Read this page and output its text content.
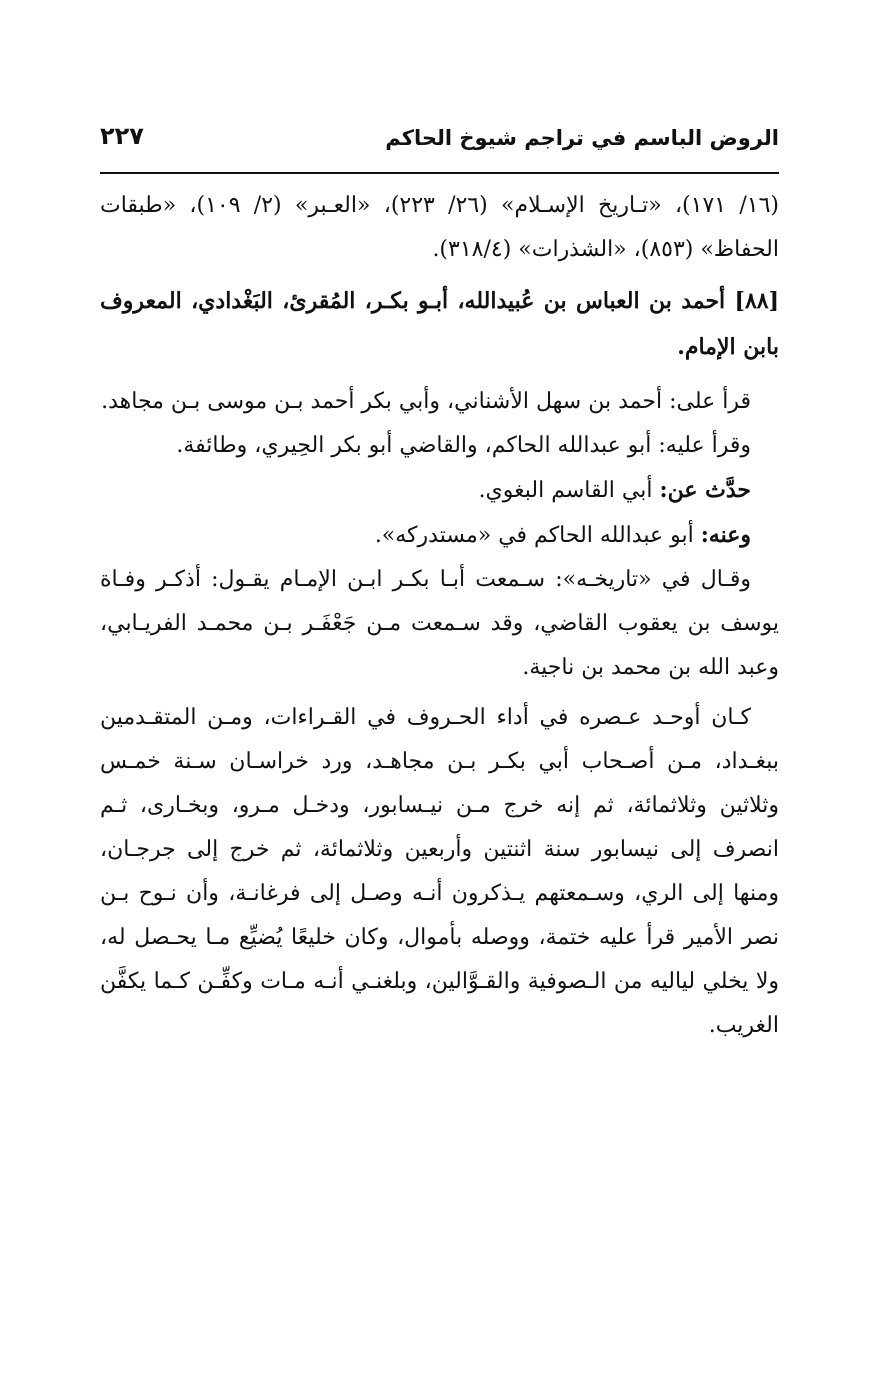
الروض الباسم في تراجم شيوخ الحاكم
٢٢٧

(١٦/ ١٧١)، «تـاريخ الإسـلام» (٢٦/ ٢٢٣)، «العـبر» (٢/ ١٠٩)، «طبقات الحفاظ» (٨٥٣)، «الشذرات» (٣١٨/٤).

[٨٨] أحمد بن العباس بن عُبيدالله، أبـو بكـر، المُقرئ، البَغْدادي، المعروف بابن الإمام.

قرأ على: أحمد بن سهل الأشناني، وأبي بكر أحمد بـن موسى بـن مجاهد.

وقرأ عليه: أبو عبدالله الحاكم، والقاضي أبو بكر الحِيري، وطائفة.

حدَّث عن: أبي القاسم البغوي.

وعنه: أبو عبدالله الحاكم في «مستدركه».

وقـال في «تاريخـه»: سـمعت أبـا بكـر ابـن الإمـام يقـول: أذكـر وفـاة يوسف بن يعقوب القاضي، وقد سـمعت مـن جَعْفَـر بـن محمـد الفريـابي، وعبد الله بن محمد بن ناجية.

كـان أوحـد عـصره في أداء الحـروف في القـراءات، ومـن المتقـدمين ببغـداد، مـن أصـحاب أبي بكـر بـن مجاهـد، ورد خراسـان سـنة خمـس وثلاثين وثلاثمائة، ثم إنه خرج مـن نيـسابور، ودخـل مـرو، وبخـارى، ثـم انصرف إلى نيسابور سنة اثنتين وأربعين وثلاثمائة، ثم خرج إلى جرجـان، ومنها إلى الري، وسـمعتهم يـذكرون أنـه وصـل إلى فرغانـة، وأن نـوح بـن نصر الأمير قرأ عليه ختمة، ووصله بأموال، وكان خليعًا يُضيِّع مـا يحـصل له، ولا يخلي لياليه من الـصوفية والقـوَّالين، وبلغنـي أنـه مـات وكفِّـن كـما يكفَّن الغريب.
